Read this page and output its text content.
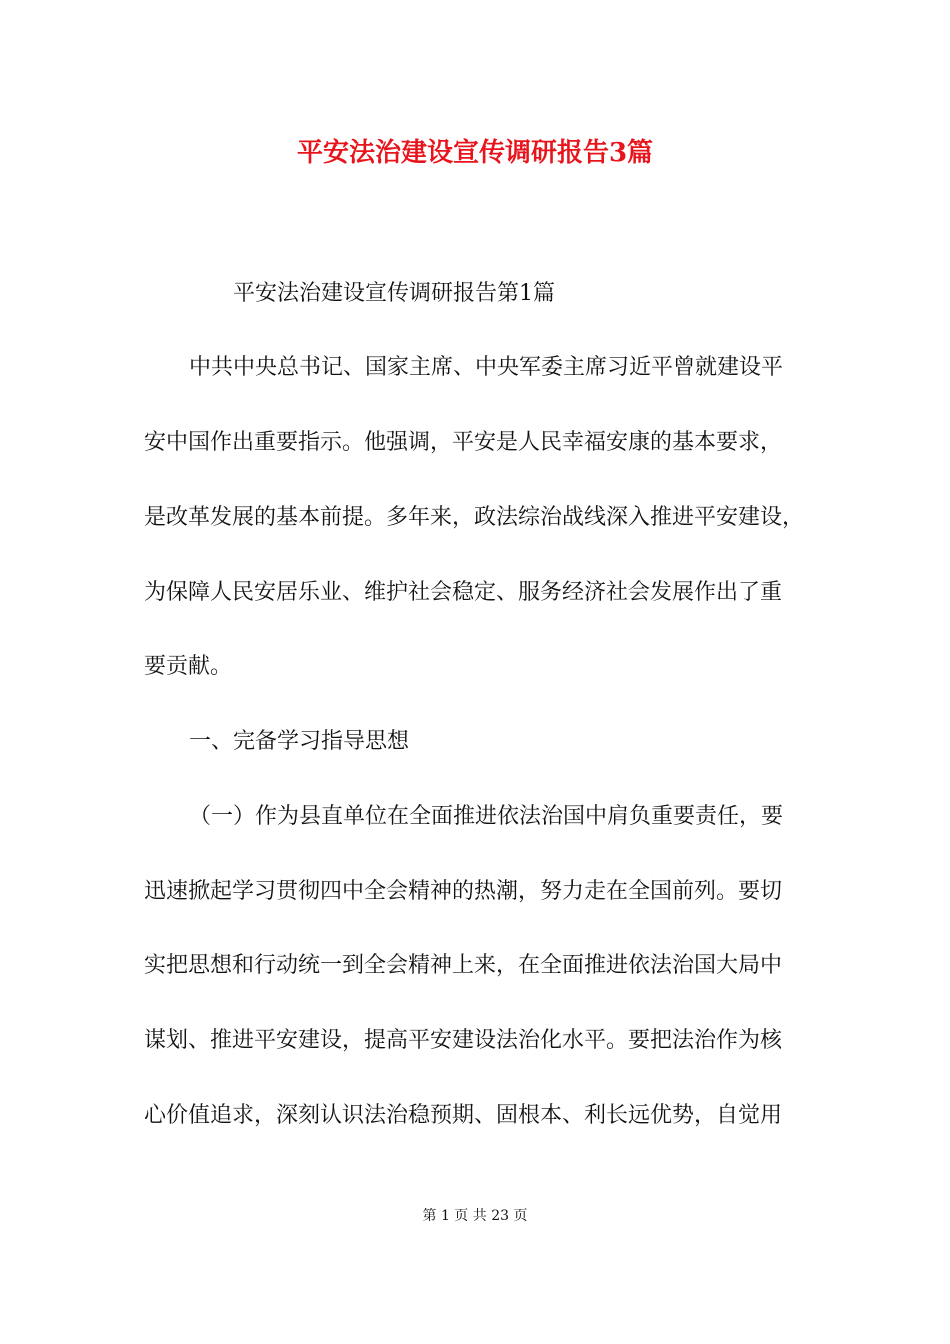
平安法治建设宣传调研报告3篇
平安法治建设宣传调研报告第1篇
中共中央总书记、国家主席、中央军委主席习近平曾就建设平
安中国作出重要指示。他强调，平安是人民幸福安康的基本要求，
是改革发展的基本前提。多年来，政法综治战线深入推进平安建设，
为保障人民安居乐业、维护社会稳定、服务经济社会发展作出了重
要贡献。
一、完备学习指导思想
（一）作为县直单位在全面推进依法治国中肩负重要责任，要
迅速掀起学习贯彻四中全会精神的热潮，努力走在全国前列。要切
实把思想和行动统一到全会精神上来，在全面推进依法治国大局中
谋划、推进平安建设，提高平安建设法治化水平。要把法治作为核
心价值追求，深刻认识法治稳预期、固根本、利长远优势，自觉用
第 1 页 共 23 页
